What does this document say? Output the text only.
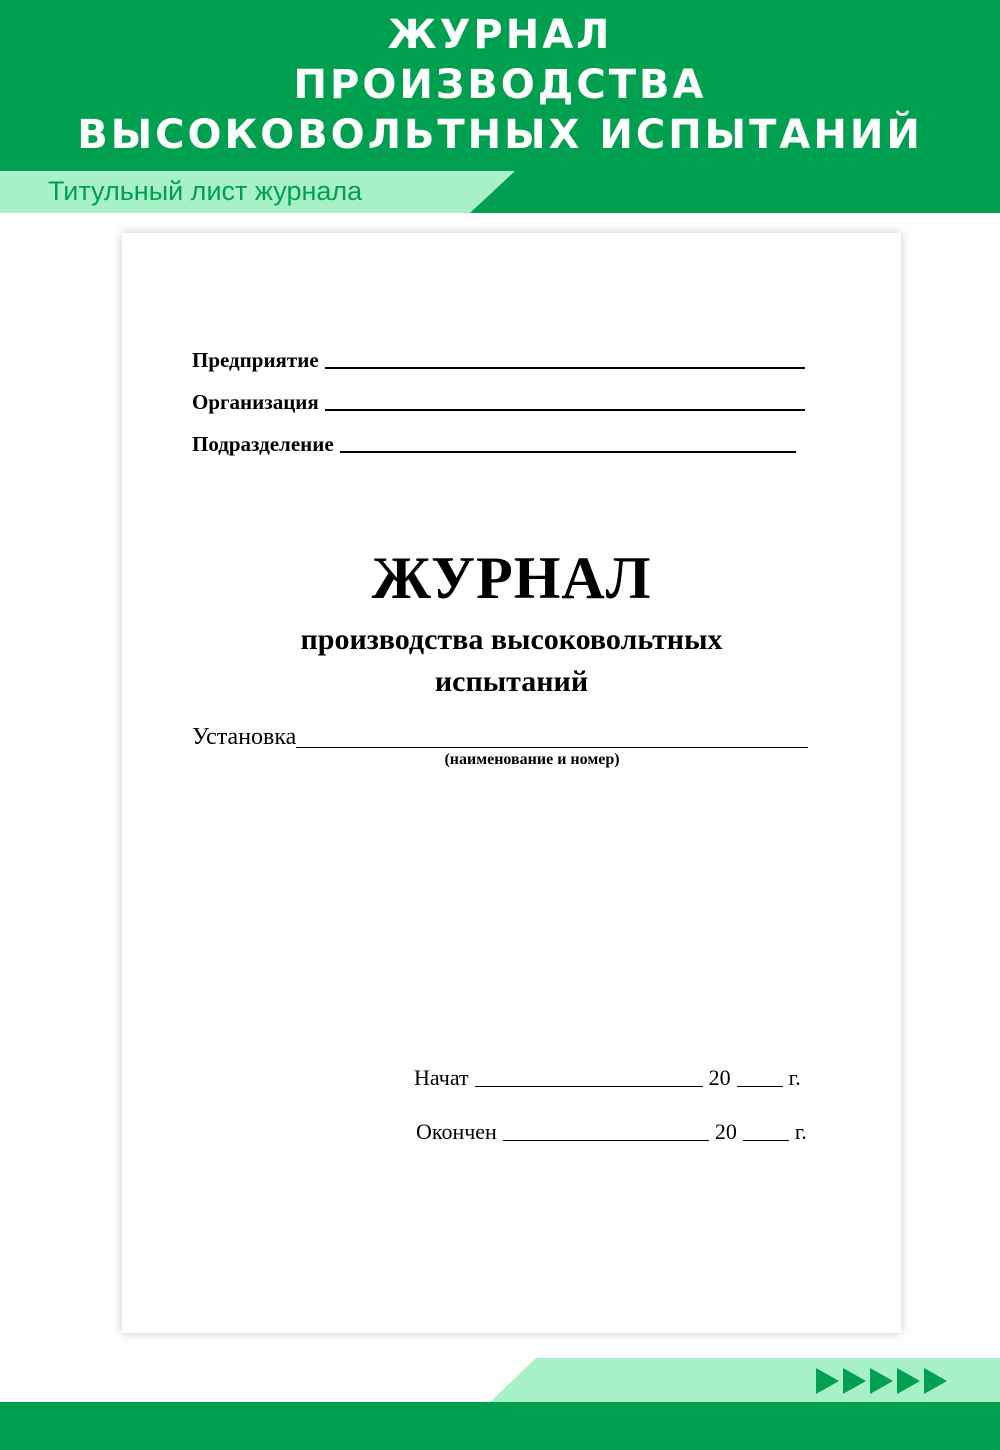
ЖУРНАЛ
ПРОИЗВОДСТВА
ВЫСОКОВОЛЬТНЫХ ИСПЫТАНИЙ
Титульный лист журнала
Предприятие
Организация
Подразделение
ЖУРНАЛ
производства высоковольтных
испытаний
Установка
(наименование и номер)
Начат	20	г.
Окончен	20	г.
